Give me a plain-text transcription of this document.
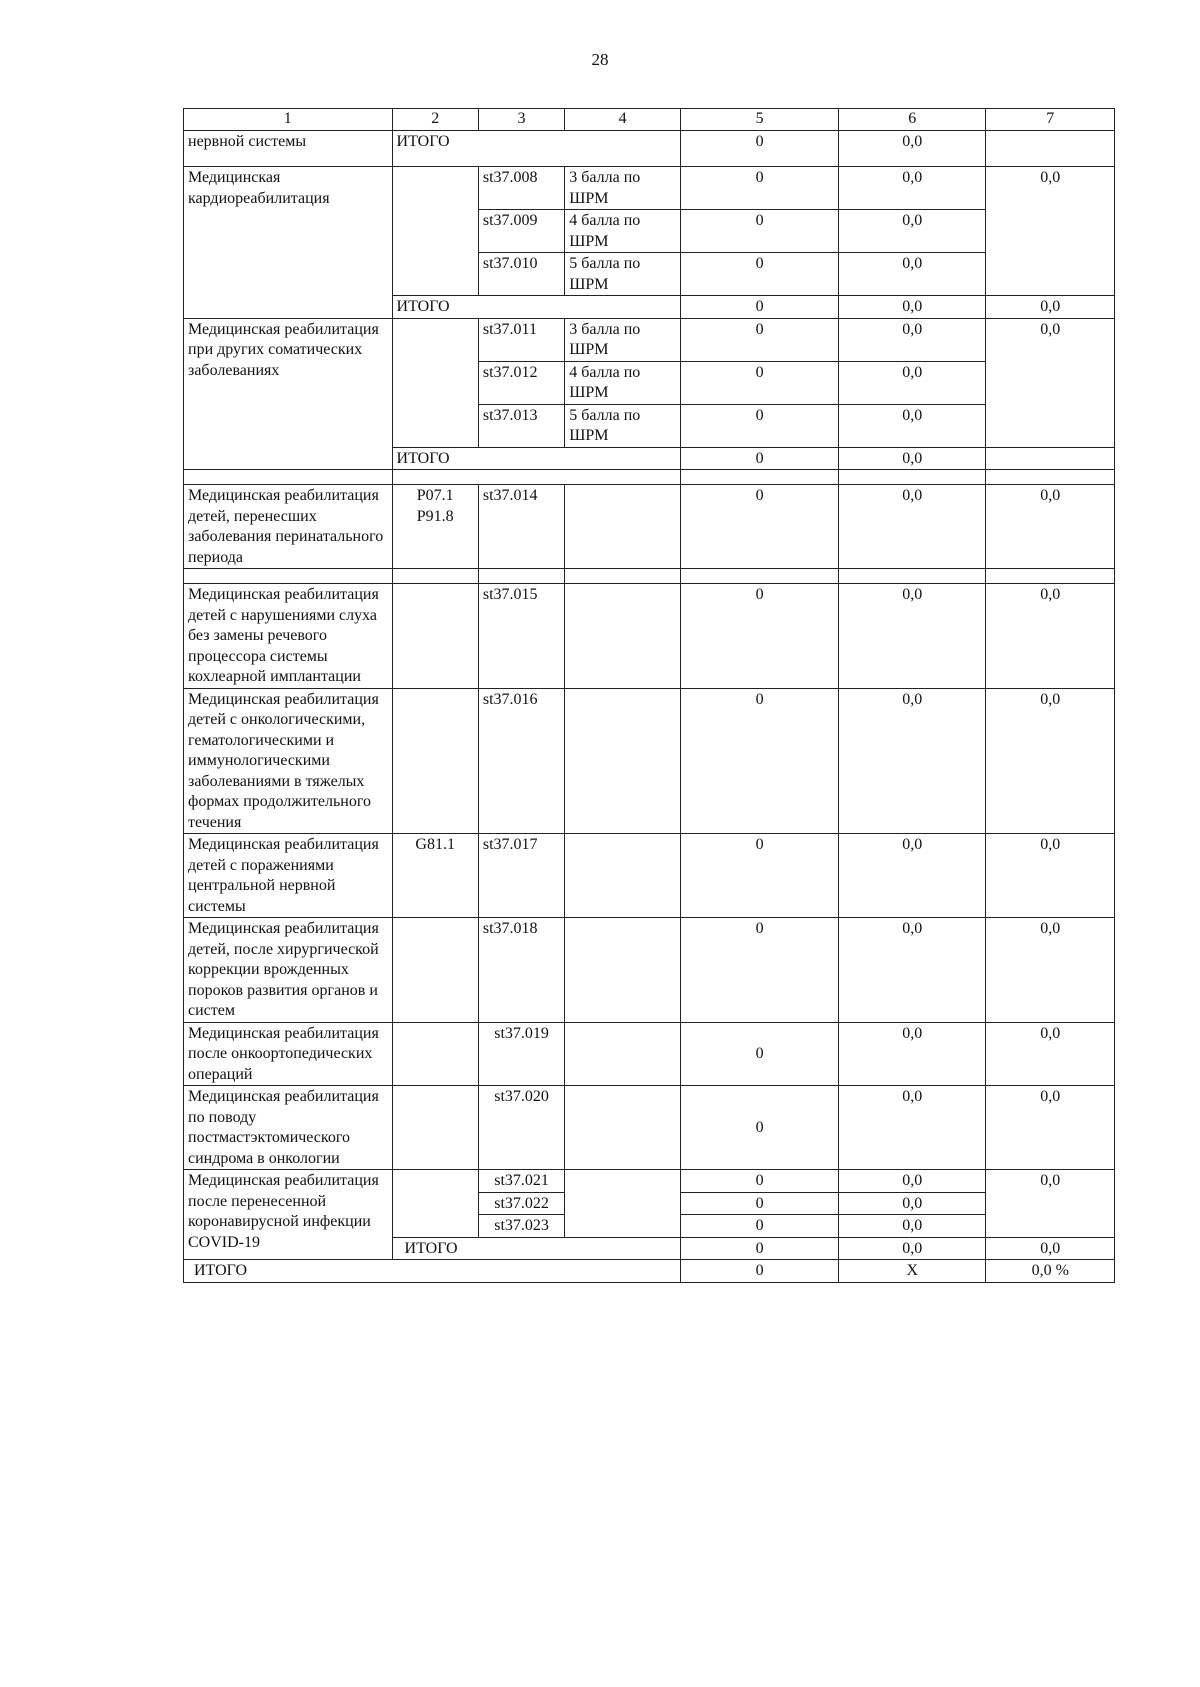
28
1	2	3	4	5	6	7
нервной системы	ИТОГО			0	0,0	

Медицинская кардиореабилитация		st37.008	3 балла по ШРМ	0	0,0	0,0
		st37.009	4 балла по ШРМ	0	0,0	
		st37.010	5 балла по ШРМ	0	0,0	
	ИТОГО			0	0,0	0,0
Медицинская реабилитация при других соматических заболеваниях		st37.011	3 балла по ШРМ	0	0,0	0,0
		st37.012	4 балла по ШРМ	0	0,0	
		st37.013	5 балла по ШРМ	0	0,0	
	ИТОГО			0	0,0	

Медицинская реабилитация детей, перенесших заболевания перинатального периода	P07.1 P91.8	st37.014		0	0,0	0,0

Медицинская реабилитация детей с нарушениями слуха без замены речевого процессора системы кохлеарной имплантации		st37.015		0	0,0	0,0
Медицинская реабилитация детей с онкологическими, гематологическими и иммунологическими заболеваниями в тяжелых формах продолжительного течения		st37.016		0	0,0	0,0
Медицинская реабилитация детей с поражениями центральной нервной системы	G81.1	st37.017		0	0,0	0,0
Медицинская реабилитация детей, после хирургической коррекции врожденных пороков развития органов и систем		st37.018		0	0,0	0,0
Медицинская реабилитация после онкоортопедических операций		st37.019		0	0,0	0,0
Медицинская реабилитация по поводу постмастэктомического синдрома в онкологии		st37.020		0	0,0	0,0
Медицинская реабилитация после перенесенной коронавирусной инфекции COVID-19		st37.021		0	0,0	0,0
		st37.022		0	0,0	
		st37.023		0	0,0	
	ИТОГО			0	0,0	0,0
ИТОГО				0	X	0,0 %
